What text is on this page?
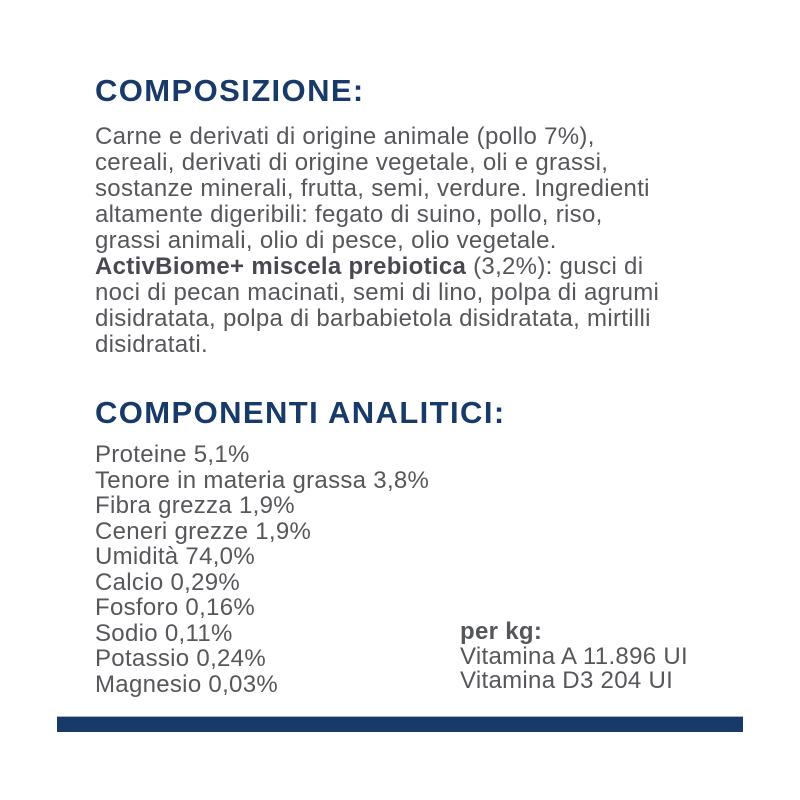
COMPOSIZIONE:
Carne e derivati di origine animale (pollo 7%),
cereali, derivati di origine vegetale, oli e grassi,
sostanze minerali, frutta, semi, verdure. Ingredienti
altamente digeribili: fegato di suino, pollo, riso,
grassi animali, olio di pesce, olio vegetale.
ActivBiome+ miscela prebiotica (3,2%): gusci di
noci di pecan macinati, semi di lino, polpa di agrumi
disidratata, polpa di barbabietola disidratata, mirtilli
disidratati.
COMPONENTI ANALITICI:
Proteine 5,1%
Tenore in materia grassa 3,8%
Fibra grezza 1,9%
Ceneri grezze 1,9%
Umidità 74,0%
Calcio 0,29%
Fosforo 0,16%
Sodio 0,11%
Potassio 0,24%
Magnesio 0,03%
per kg:
Vitamina A 11.896 UI
Vitamina D3 204 UI
